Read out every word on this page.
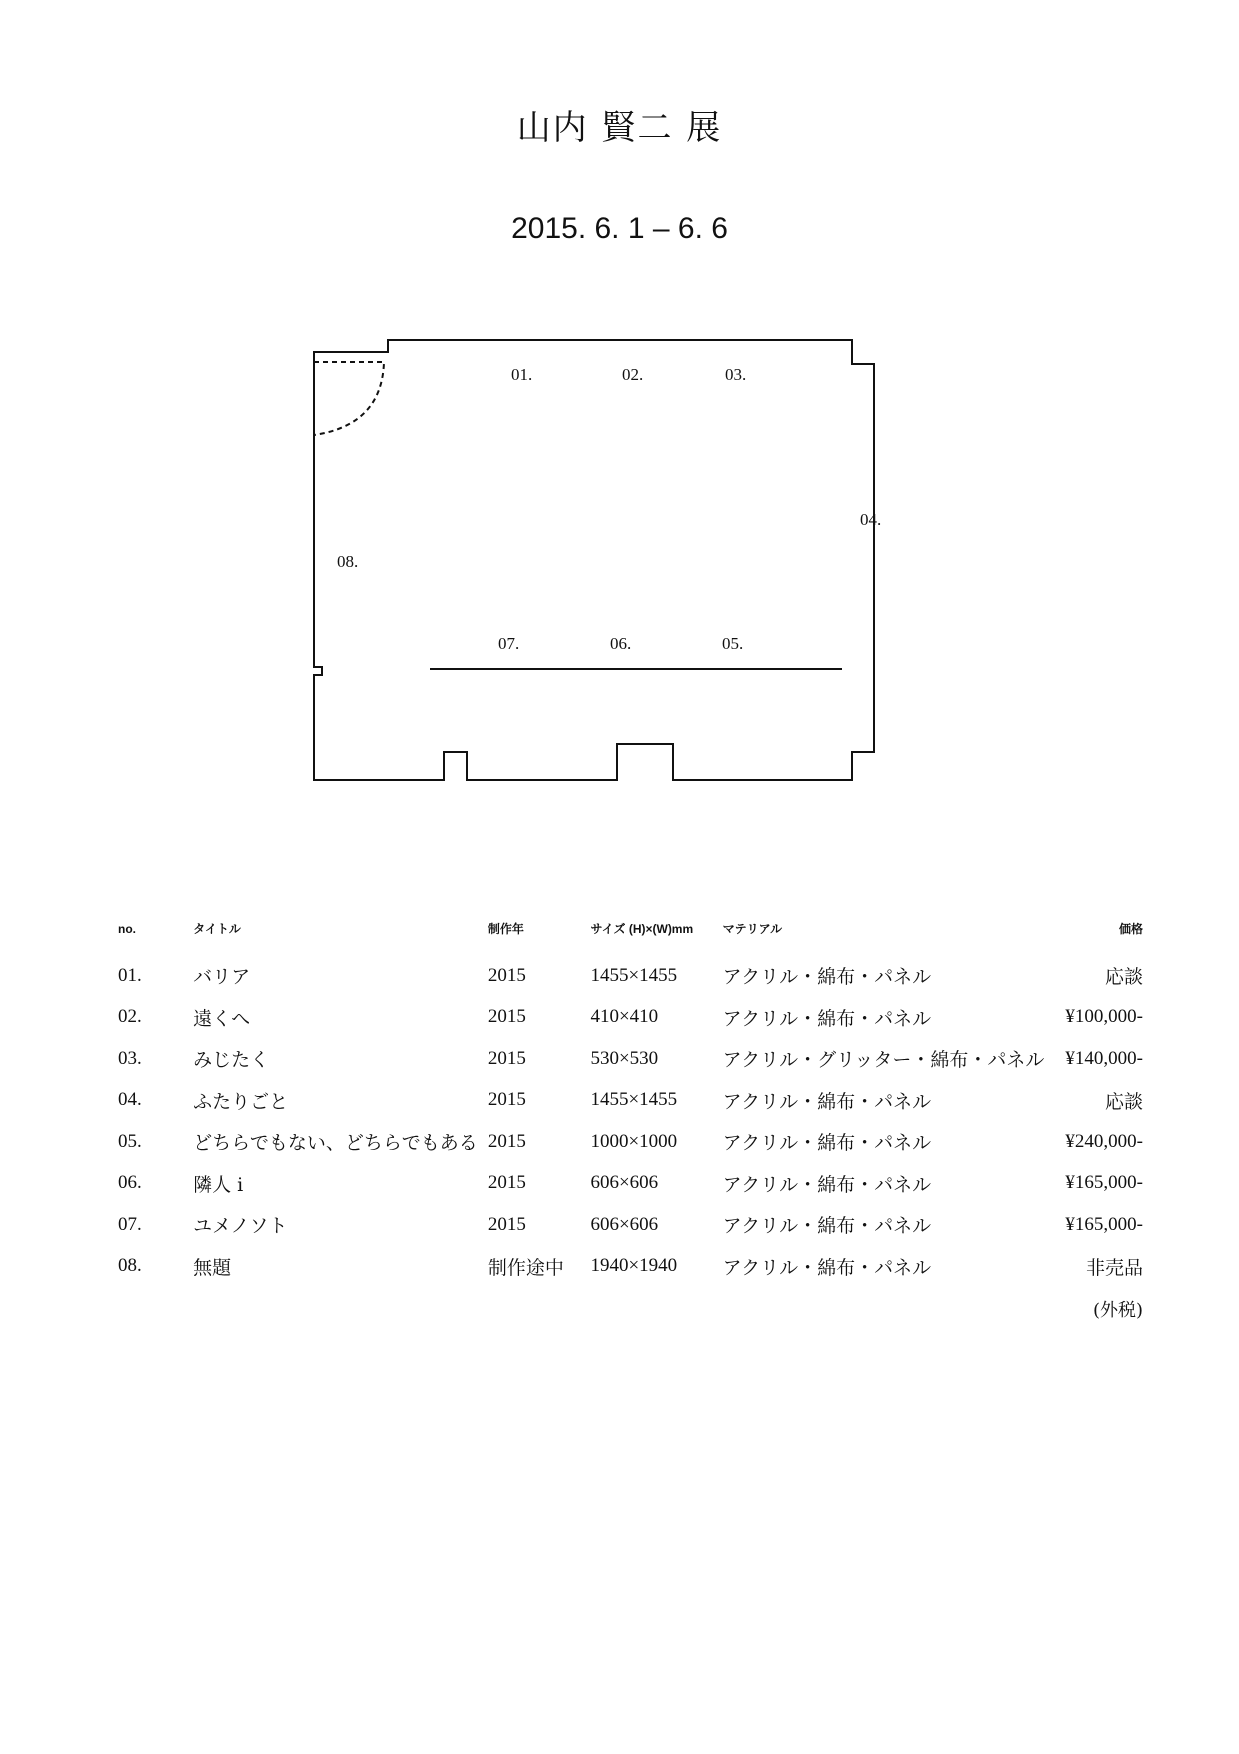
山内 賢二 展
2015. 6. 1 – 6. 6
01.	02.	03.
04.
05.
06.
07.
08.
no.	タイトル	制作年	サイズ (H)×(W)mm	マテリアル	価格
01.	バリア	2015	1455×1455	アクリル・綿布・パネル	応談
02.	遠くへ	2015	410×410	アクリル・綿布・パネル	¥100,000-
03.	みじたく	2015	530×530	アクリル・グリッター・綿布・パネル	¥140,000-
04.	ふたりごと	2015	1455×1455	アクリル・綿布・パネル	応談
05.	どちらでもない、どちらでもある	2015	1000×1000	アクリル・綿布・パネル	¥240,000-
06.	隣人 i	2015	606×606	アクリル・綿布・パネル	¥165,000-
07.	ユメノソト	2015	606×606	アクリル・綿布・パネル	¥165,000-
08.	無題	制作途中	1940×1940	アクリル・綿布・パネル	非売品
(外税)
